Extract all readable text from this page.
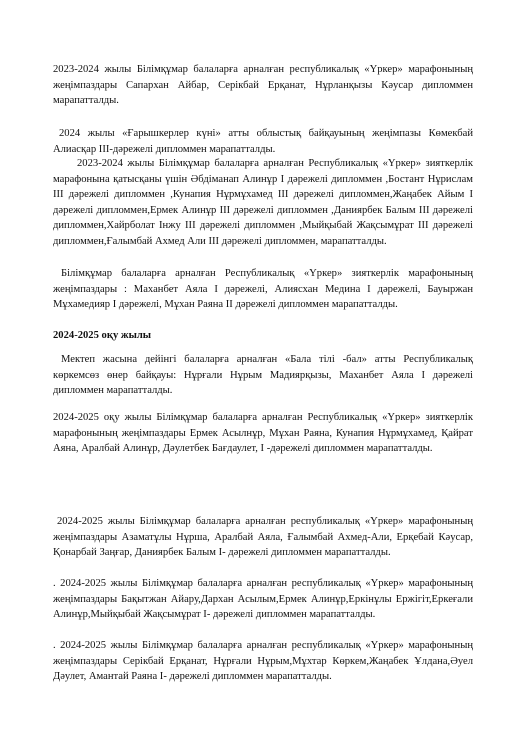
2023-2024 жылы Білімқұмар балаларға арналған республикалық «Үркер» марафонының жеңімпаздары Сапархан Айбар, Серікбай Ерқанат, Нұрланқызы Кәусар дипломмен марапатталды.

2024 жылы «Ғарышкерлер күні» атты облыстық байқауының жеңімпазы Көмекбай Алиасқар ІІІ-дәрежелі дипломмен марапатталды.

2023-2024 жылы Білімқұмар балаларға арналған Республикалық «Үркер» зияткерлік марафонына қатысқаны үшін Әбдіманап Алинұр І дәрежелі дипломмен ,Бостант Нұрислам ІІІ дәрежелі дипломмен ,Кунапия Нұрмұхамед ІІІ дәрежелі дипломмен,Жаңабек Айым І дәрежелі дипломмен,Ермек Алинұр ІІІ дәрежелі дипломмен ,Даниярбек Балым ІІІ дәрежелі дипломмен,Хайрболат Інжу ІІІ дәрежелі дипломмен ,Мыйқыбай Жақсымұрат ІІІ дәрежелі дипломмен,Ғалымбай Ахмед Али ІІІ дәрежелі дипломмен, марапатталды.

Білімқұмар балаларға арналған Республикалық «Үркер» зияткерлік марафонының жеңімпаздары : Маханбет Аяла І дәрежелі, Алиясхан Медина І дәрежелі, Бауыржан Мұхамедияр І дәрежелі, Мұхан Раяна ІІ дәрежелі дипломмен марапатталды.

2024-2025 оқу жылы

Мектеп жасына дейінгі балаларға арналған «Бала тілі -бал» атты Республикалық көркемсөз өнер байқауы: Нұрғали Нұрым Мадиярқызы, Маханбет Аяла І дәрежелі дипломмен марапатталды.

2024-2025 оқу жылы Білімқұмар балаларға арналған Республикалық «Үркер» зияткерлік марафонының жеңімпаздары Ермек Асылнұр, Мұхан Раяна, Кунапия Нұрмұхамед, Қайрат Аяна, Аралбай Алинұр, Дәулетбек Бағдаулет, І -дәрежелі дипломмен марапатталды.

2024-2025 жылы Білімқұмар балаларға арналған республикалық «Үркер» марафонының жеңімпаздары Азаматұлы Нұрша, Аралбай Аяла, Ғалымбай Ахмед-Али, Ерқебай Кәусар, Қонарбай Заңғар, Даниярбек Балым І- дәрежелі дипломмен марапатталды.

. 2024-2025 жылы Білімқұмар балаларға арналған республикалық «Үркер» марафонының жеңімпаздары Бақытжан Айару,Дархан Асылым,Ермек Алинұр,Еркінұлы Ержігіт,Еркеғали Алинұр,Мыйқыбай Жақсымұрат І- дәрежелі дипломмен марапатталды.

. 2024-2025 жылы Білімқұмар балаларға арналған республикалық «Үркер» марафонының жеңімпаздары Серікбай Ерқанат, Нұрғали Нұрым,Мұхтар Көркем,Жаңабек Ұлдана,Әуел Дәулет, Амантай Раяна І- дәрежелі дипломмен марапатталды.
